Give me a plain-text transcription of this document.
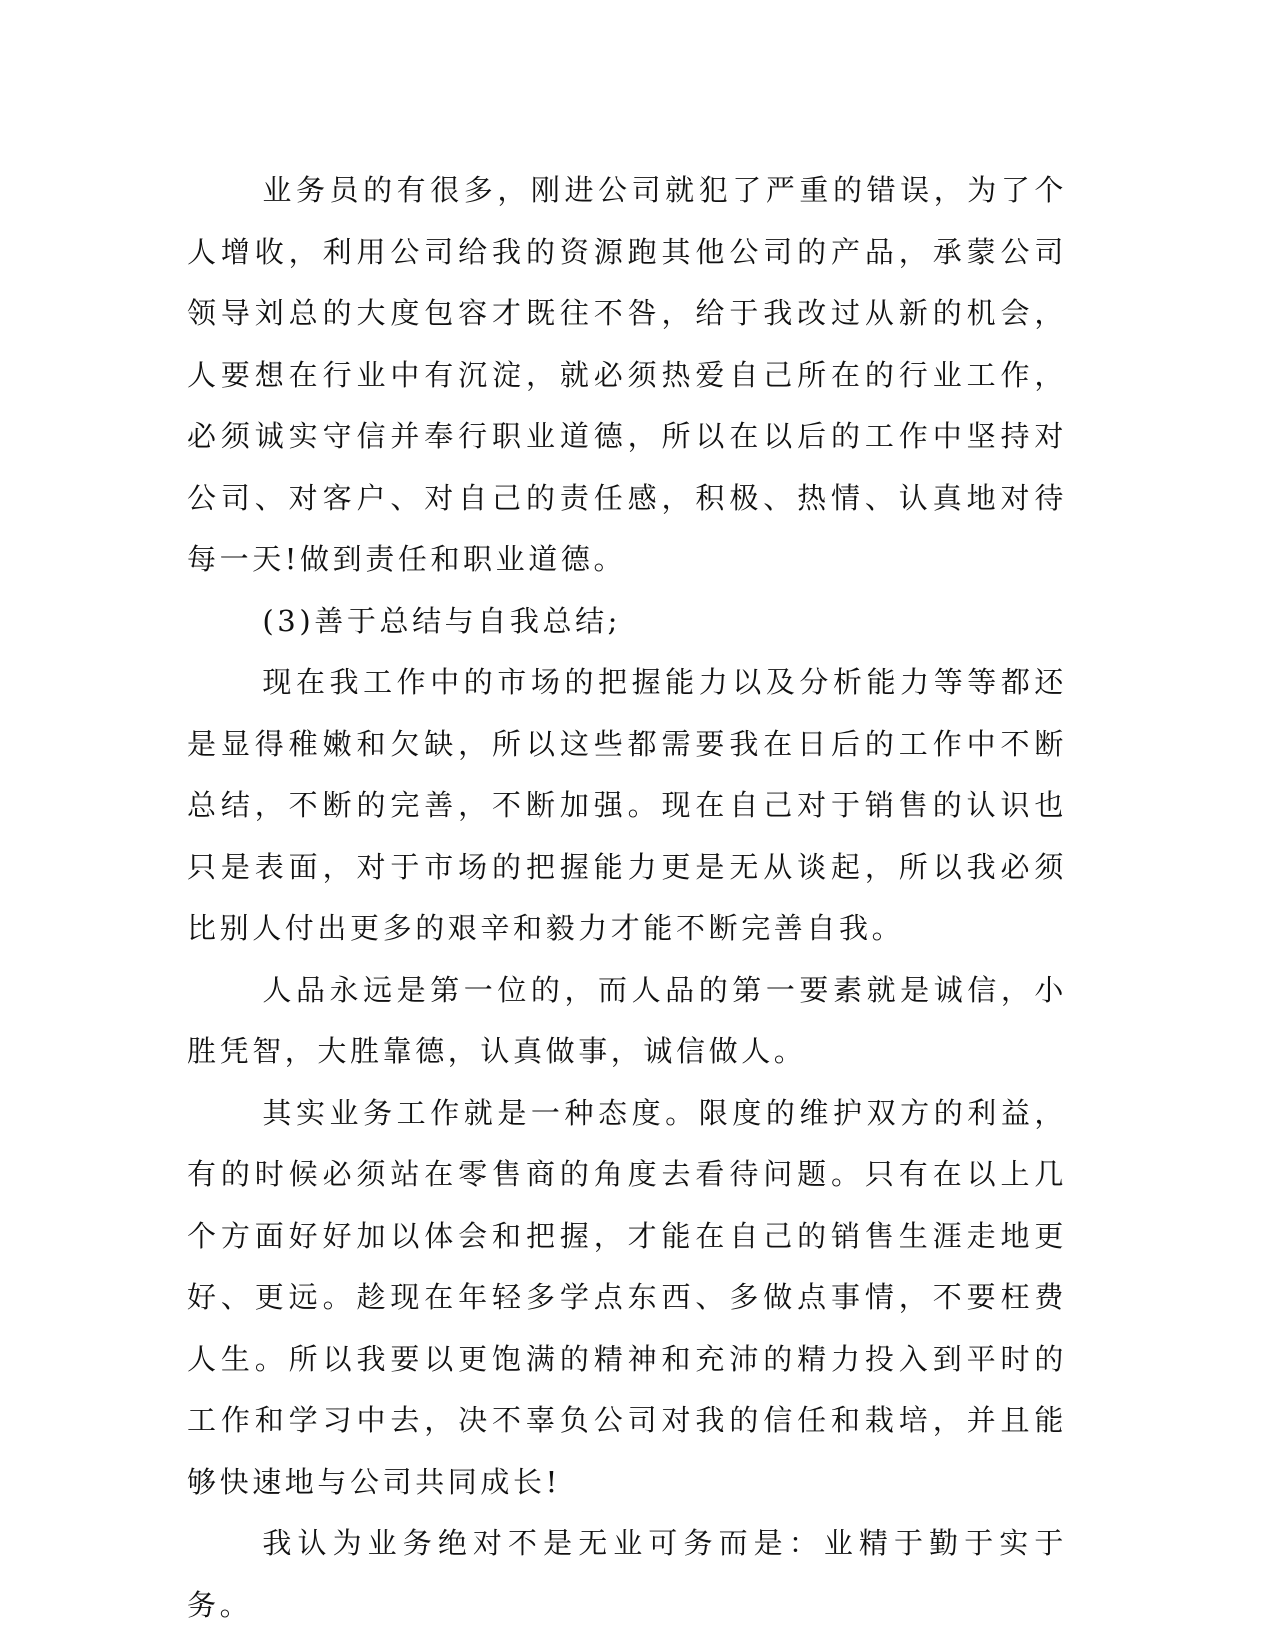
业务员的有很多，刚进公司就犯了严重的错误，为了个人增收，利用公司给我的资源跑其他公司的产品，承蒙公司领导刘总的大度包容才既往不咎，给于我改过从新的机会，人要想在行业中有沉淀，就必须热爱自己所在的行业工作，必须诚实守信并奉行职业道德，所以在以后的工作中坚持对公司、对客户、对自己的责任感，积极、热情、认真地对待每一天!做到责任和职业道德。

(3)善于总结与自我总结;

现在我工作中的市场的把握能力以及分析能力等等都还是显得稚嫩和欠缺，所以这些都需要我在日后的工作中不断总结，不断的完善，不断加强。现在自己对于销售的认识也只是表面，对于市场的把握能力更是无从谈起，所以我必须比别人付出更多的艰辛和毅力才能不断完善自我。

人品永远是第一位的，而人品的第一要素就是诚信，小胜凭智，大胜靠德，认真做事，诚信做人。

其实业务工作就是一种态度。限度的维护双方的利益，有的时候必须站在零售商的角度去看待问题。只有在以上几个方面好好加以体会和把握，才能在自己的销售生涯走地更好、更远。趁现在年轻多学点东西、多做点事情，不要枉费人生。所以我要以更饱满的精神和充沛的精力投入到平时的工作和学习中去，决不辜负公司对我的信任和栽培，并且能够快速地与公司共同成长!

我认为业务绝对不是无业可务而是：业精于勤于实于务。
